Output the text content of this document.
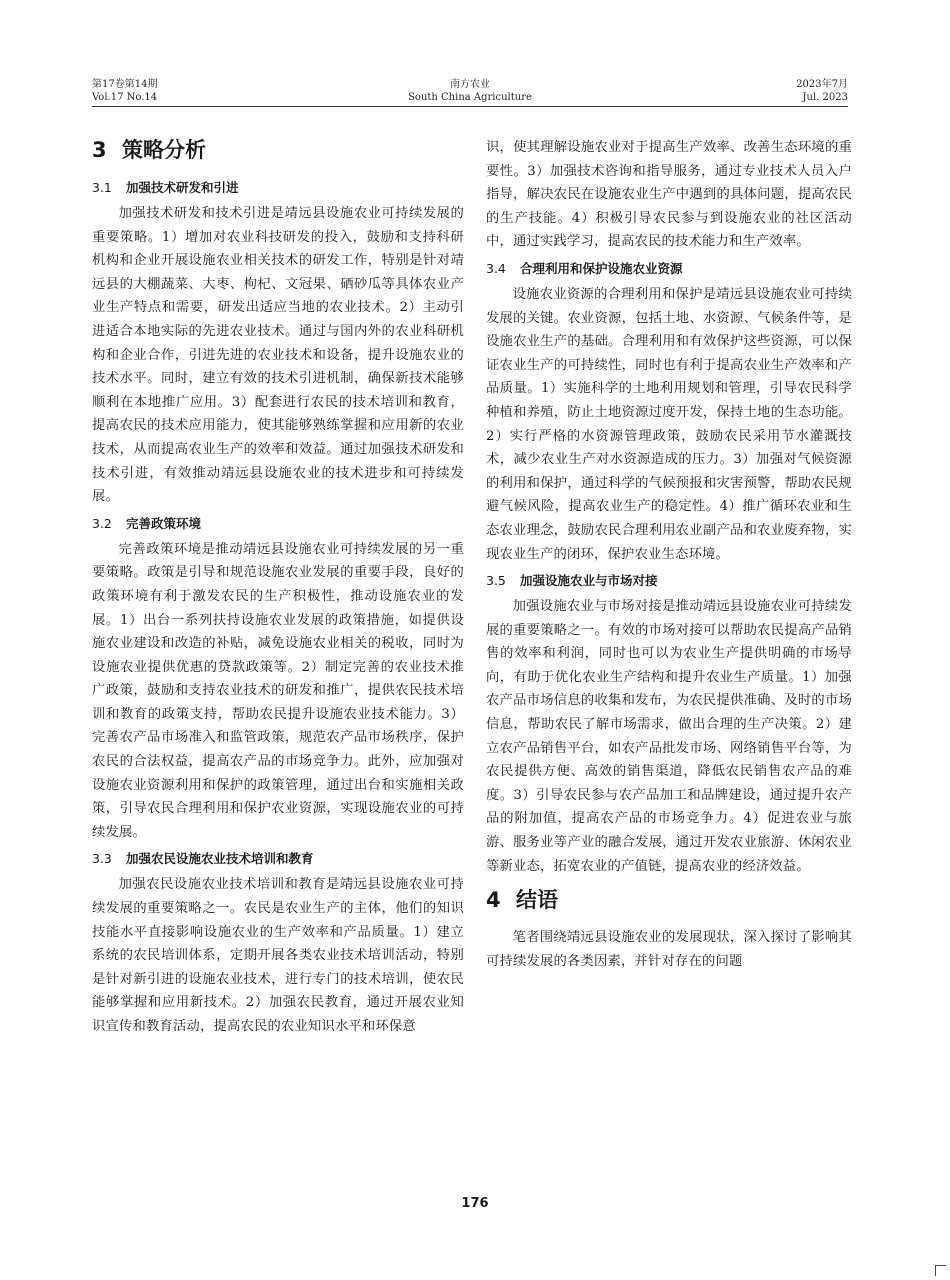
第17卷第14期
Vol.17 No.14
南方农业
South China Agriculture
2023年7月
Jul. 2023
3 策略分析
3.1 加强技术研发和引进

加强技术研发和技术引进是靖远县设施农业可持续发展的重要策略。1）增加对农业科技研发的投入，鼓励和支持科研机构和企业开展设施农业相关技术的研发工作，特别是针对靖远县的大棚蔬菜、大枣、枸杞、文冠果、硒砂瓜等具体农业产业生产特点和需要，研发出适应当地的农业技术。2）主动引进适合本地实际的先进农业技术。通过与国内外的农业科研机构和企业合作，引进先进的农业技术和设备，提升设施农业的技术水平。同时，建立有效的技术引进机制，确保新技术能够顺利在本地推广应用。3）配套进行农民的技术培训和教育，提高农民的技术应用能力，使其能够熟练掌握和应用新的农业技术，从而提高农业生产的效率和效益。通过加强技术研发和技术引进，有效推动靖远县设施农业的技术进步和可持续发展。

3.2 完善政策环境

完善政策环境是推动靖远县设施农业可持续发展的另一重要策略。政策是引导和规范设施农业发展的重要手段，良好的政策环境有利于激发农民的生产积极性，推动设施农业的发展。1）出台一系列扶持设施农业发展的政策措施，如提供设施农业建设和改造的补贴，减免设施农业相关的税收，同时为设施农业提供优惠的贷款政策等。2）制定完善的农业技术推广政策，鼓励和支持农业技术的研发和推广，提供农民技术培训和教育的政策支持，帮助农民提升设施农业技术能力。3）完善农产品市场准入和监管政策，规范农产品市场秩序，保护农民的合法权益，提高农产品的市场竞争力。此外，应加强对设施农业资源利用和保护的政策管理，通过出台和实施相关政策，引导农民合理利用和保护农业资源，实现设施农业的可持续发展。

3.3 加强农民设施农业技术培训和教育

加强农民设施农业技术培训和教育是靖远县设施农业可持续发展的重要策略之一。农民是农业生产的主体，他们的知识技能水平直接影响设施农业的生产效率和产品质量。1）建立系统的农民培训体系，定期开展各类农业技术培训活动，特别是针对新引进的设施农业技术，进行专门的技术培训，使农民能够掌握和应用新技术。2）加强农民教育，通过开展农业知识宣传和教育活动，提高农民的农业知识水平和环保意

识，使其理解设施农业对于提高生产效率、改善生态环境的重要性。3）加强技术咨询和指导服务，通过专业技术人员入户指导，解决农民在设施农业生产中遇到的具体问题，提高农民的生产技能。4）积极引导农民参与到设施农业的社区活动中，通过实践学习，提高农民的技术能力和生产效率。

3.4 合理利用和保护设施农业资源

设施农业资源的合理利用和保护是靖远县设施农业可持续发展的关键。农业资源，包括土地、水资源、气候条件等，是设施农业生产的基础。合理利用和有效保护这些资源，可以保证农业生产的可持续性，同时也有利于提高农业生产效率和产品质量。1）实施科学的土地利用规划和管理，引导农民科学种植和养殖，防止土地资源过度开发，保持土地的生态功能。2）实行严格的水资源管理政策，鼓励农民采用节水灌溉技术，减少农业生产对水资源造成的压力。3）加强对气候资源的利用和保护，通过科学的气候预报和灾害预警，帮助农民规避气候风险，提高农业生产的稳定性。4）推广循环农业和生态农业理念，鼓励农民合理利用农业副产品和农业废弃物，实现农业生产的闭环，保护农业生态环境。

3.5 加强设施农业与市场对接

加强设施农业与市场对接是推动靖远县设施农业可持续发展的重要策略之一。有效的市场对接可以帮助农民提高产品销售的效率和利润，同时也可以为农业生产提供明确的市场导向，有助于优化农业生产结构和提升农业生产质量。1）加强农产品市场信息的收集和发布，为农民提供准确、及时的市场信息，帮助农民了解市场需求，做出合理的生产决策。2）建立农产品销售平台，如农产品批发市场、网络销售平台等，为农民提供方便、高效的销售渠道，降低农民销售农产品的难度。3）引导农民参与农产品加工和品牌建设，通过提升农产品的附加值，提高农产品的市场竞争力。4）促进农业与旅游、服务业等产业的融合发展，通过开发农业旅游、休闲农业等新业态，拓宽农业的产值链，提高农业的经济效益。

4 结语

笔者围绕靖远县设施农业的发展现状，深入探讨了影响其可持续发展的各类因素，并针对存在的问题

176
